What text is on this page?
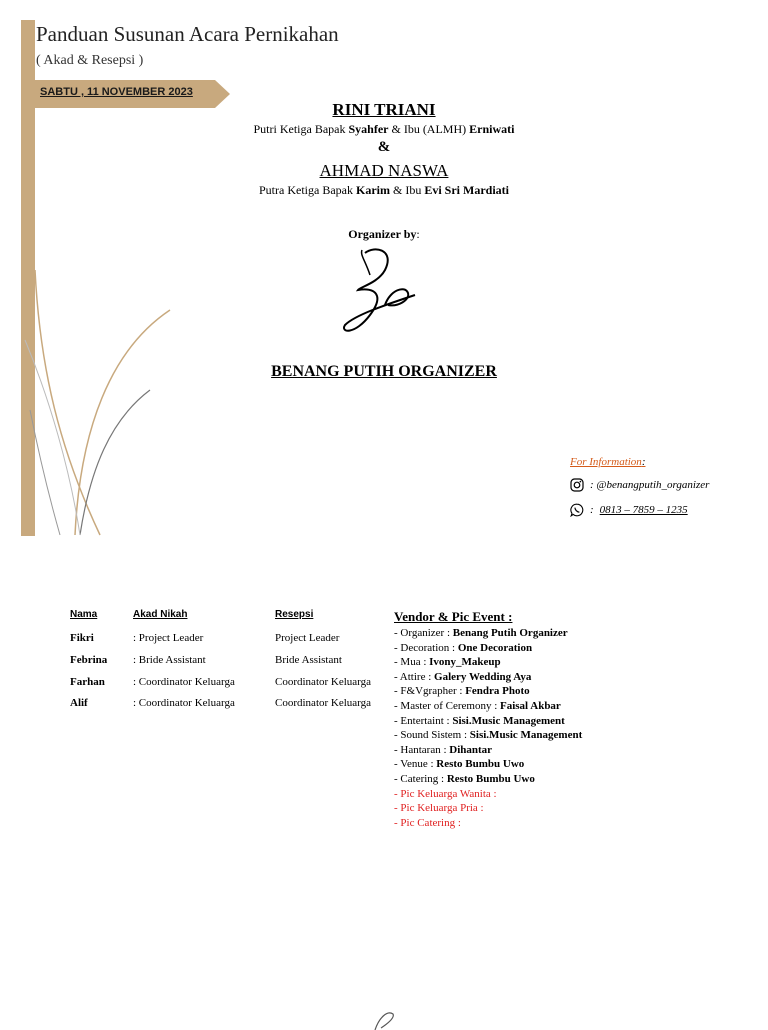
Panduan Susunan Acara Pernikahan
( Akad & Resepsi )
SABTU , 11 NOVEMBER 2023
RINI TRIANI
Putri Ketiga Bapak Syahfer & Ibu (ALMH) Erniwati
&
AHMAD NASWA
Putra Ketiga Bapak Karim & Ibu Evi Sri Mardiati
Organizer by:
BENANG PUTIH ORGANIZER
For Information:
: @benangputih_organizer
: 0813 – 7859 – 1235
Nama	Akad Nikah	Resepsi
Fikri	: Project Leader	Project Leader
Febrina : Bride Assistant	Bride Assistant
Farhan	: Coordinator Keluarga	Coordinator Keluarga
Alif	: Coordinator Keluarga	Coordinator Keluarga
Vendor & Pic Event :
- Organizer : Benang Putih Organizer
- Decoration : One Decoration
- Mua : Ivony_Makeup
- Attire : Galery Wedding Aya
- F&Vgrapher : Fendra Photo
- Master of Ceremony : Faisal Akbar
- Entertaint : Sisi.Music Management
- Sound Sistem : Sisi.Music Management
- Hantaran : Dihantar
- Venue : Resto Bumbu Uwo
- Catering : Resto Bumbu Uwo
- Pic Keluarga Wanita :
- Pic Keluarga Pria :
- Pic Catering :
